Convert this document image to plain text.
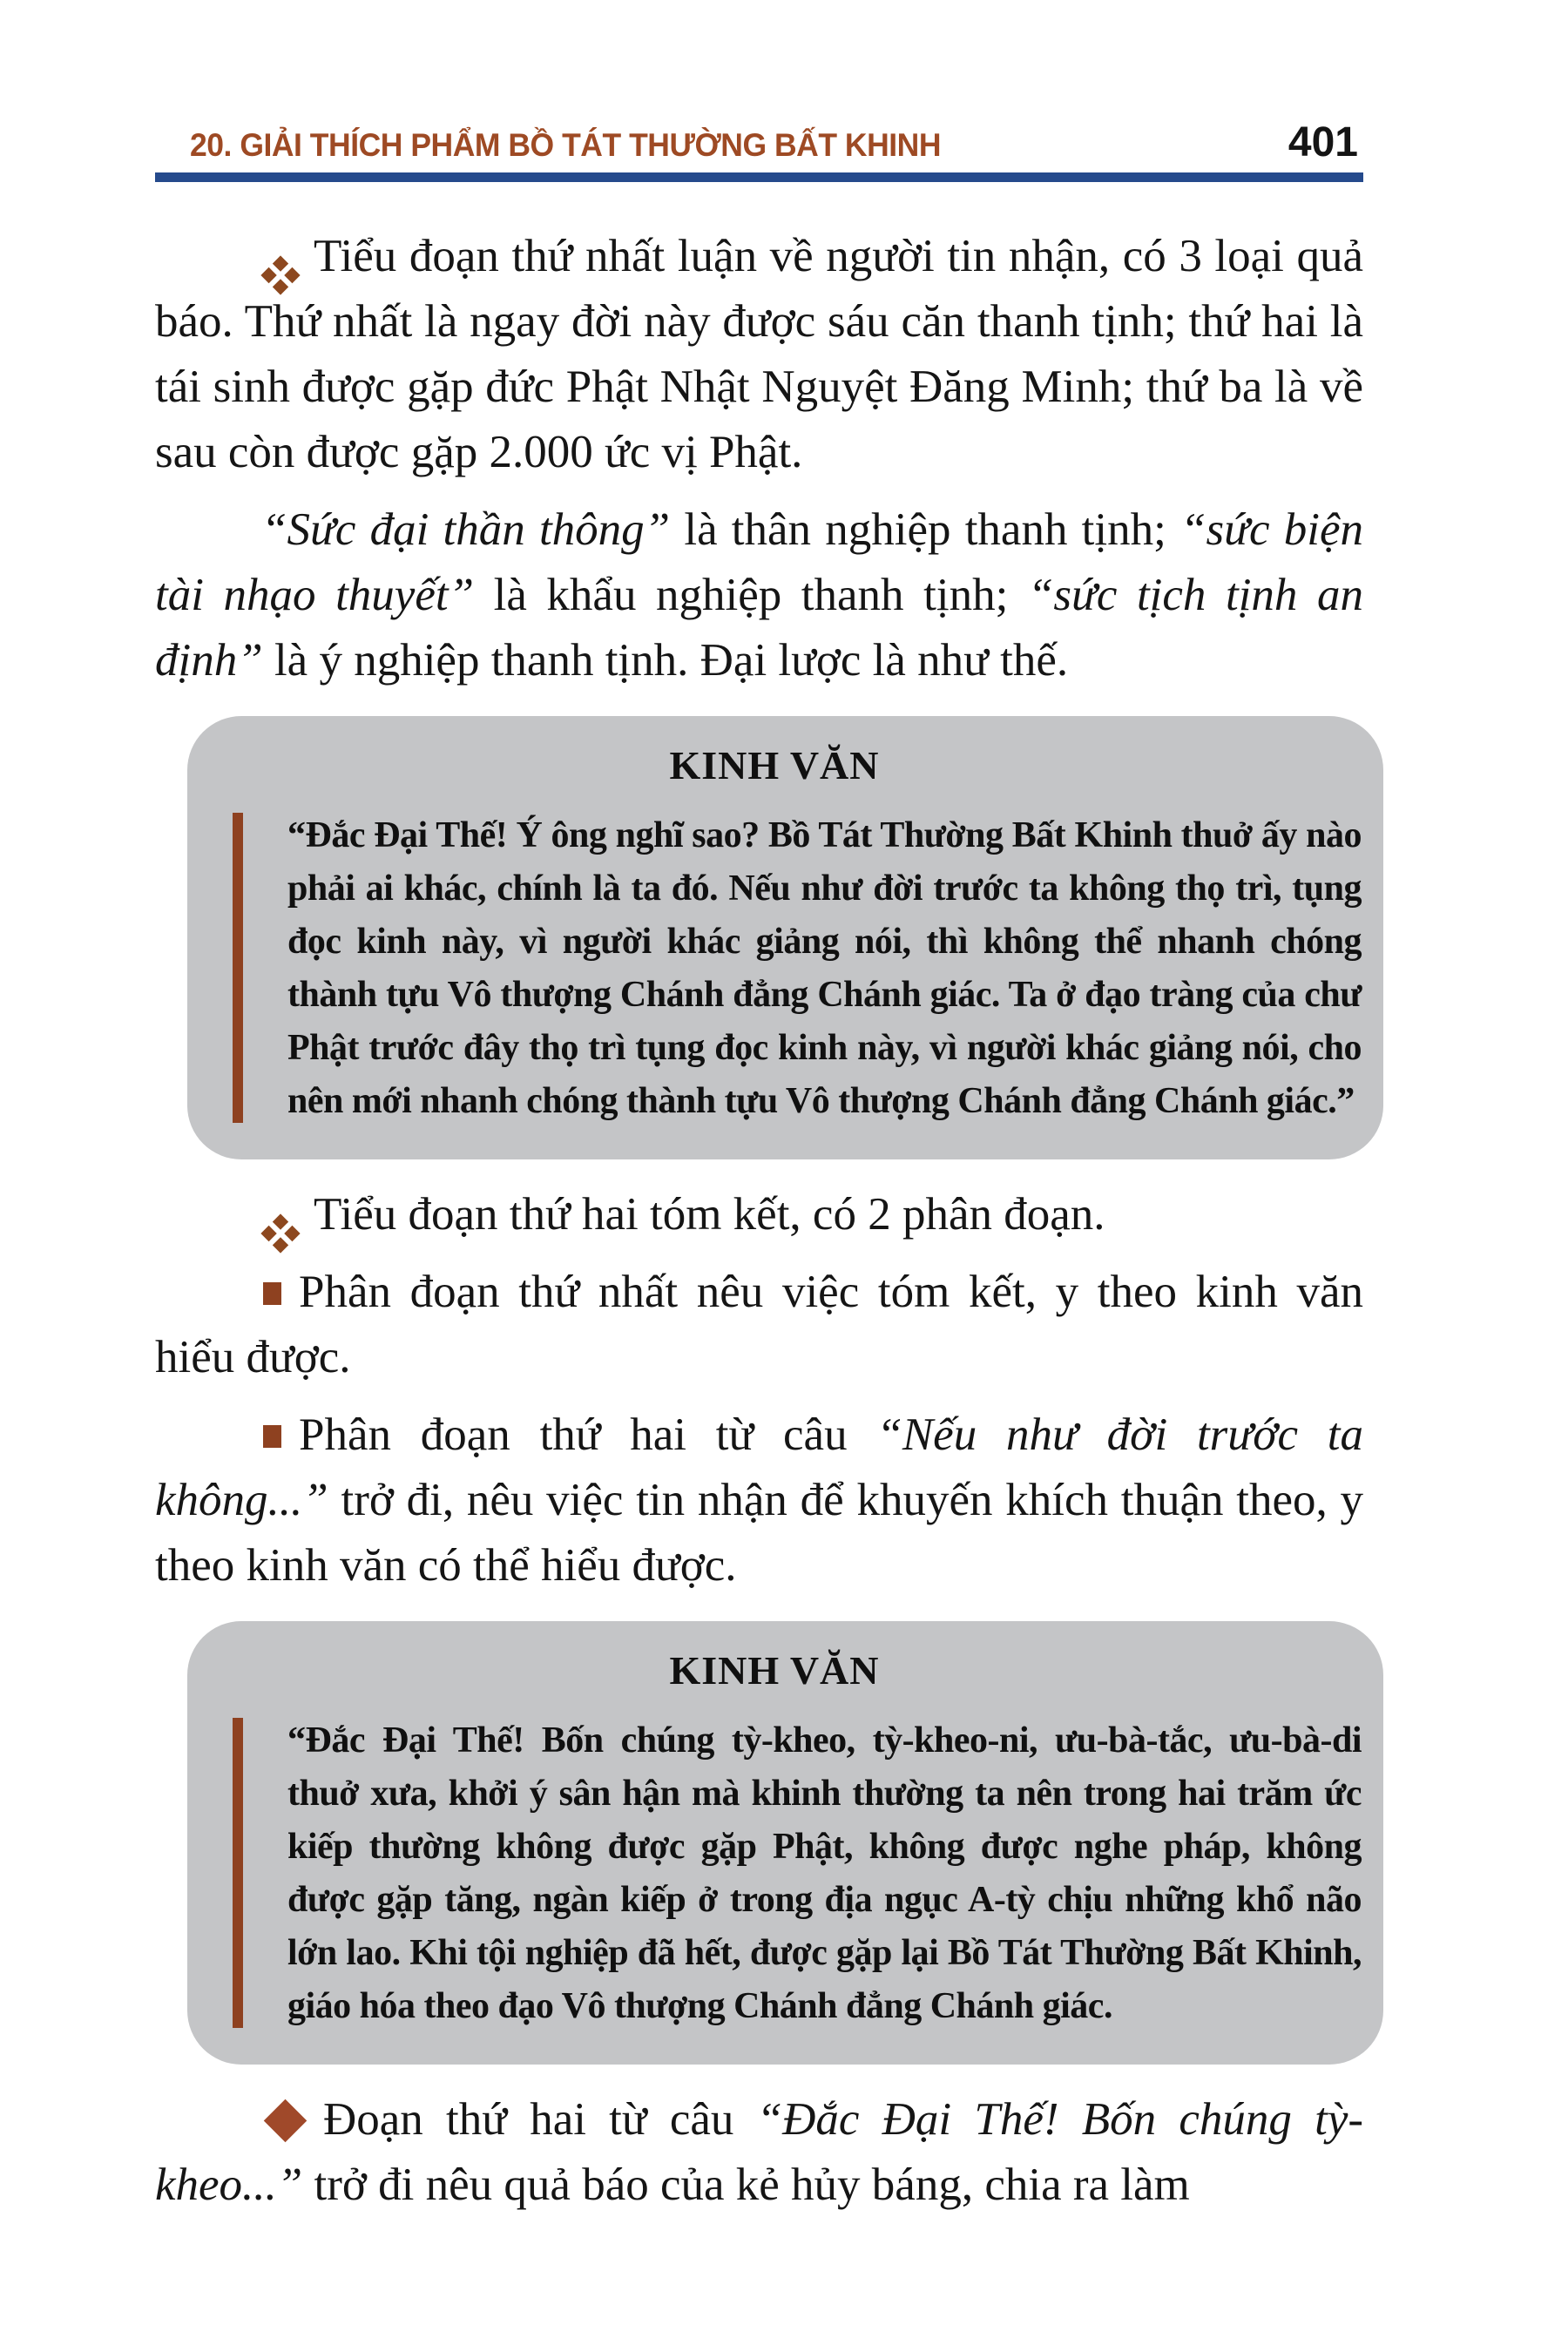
20. GIẢI THÍCH PHẨM BỒ TÁT THƯỜNG BẤT KHINH	401

Tiểu đoạn thứ nhất luận về người tin nhận, có 3 loại quả báo. Thứ nhất là ngay đời này được sáu căn thanh tịnh; thứ hai là tái sinh được gặp đức Phật Nhật Nguyệt Đăng Minh; thứ ba là về sau còn được gặp 2.000 ức vị Phật.

“Sức đại thần thông” là thân nghiệp thanh tịnh; “sức biện tài nhạo thuyết” là khẩu nghiệp thanh tịnh; “sức tịch tịnh an định” là ý nghiệp thanh tịnh. Đại lược là như thế.

KINH VĂN

“Đắc Đại Thế! Ý ông nghĩ sao? Bồ Tát Thường Bất Khinh thuở ấy nào phải ai khác, chính là ta đó. Nếu như đời trước ta không thọ trì, tụng đọc kinh này, vì người khác giảng nói, thì không thể nhanh chóng thành tựu Vô thượng Chánh đẳng Chánh giác. Ta ở đạo tràng của chư Phật trước đây thọ trì tụng đọc kinh này, vì người khác giảng nói, cho nên mới nhanh chóng thành tựu Vô thượng Chánh đẳng Chánh giác.”

Tiểu đoạn thứ hai tóm kết, có 2 phân đoạn.

Phân đoạn thứ nhất nêu việc tóm kết, y theo kinh văn hiểu được.

Phân đoạn thứ hai từ câu “Nếu như đời trước ta không...” trở đi, nêu việc tin nhận để khuyến khích thuận theo, y theo kinh văn có thể hiểu được.

KINH VĂN

“Đắc Đại Thế! Bốn chúng tỳ-kheo, tỳ-kheo-ni, ưu-bà-tắc, ưu-bà-di thuở xưa, khởi ý sân hận mà khinh thường ta nên trong hai trăm ức kiếp thường không được gặp Phật, không được nghe pháp, không được gặp tăng, ngàn kiếp ở trong địa ngục A-tỳ chịu những khổ não lớn lao. Khi tội nghiệp đã hết, được gặp lại Bồ Tát Thường Bất Khinh, giáo hóa theo đạo Vô thượng Chánh đẳng Chánh giác.

Đoạn thứ hai từ câu “Đắc Đại Thế! Bốn chúng tỳ-kheo...” trở đi nêu quả báo của kẻ hủy báng, chia ra làm
